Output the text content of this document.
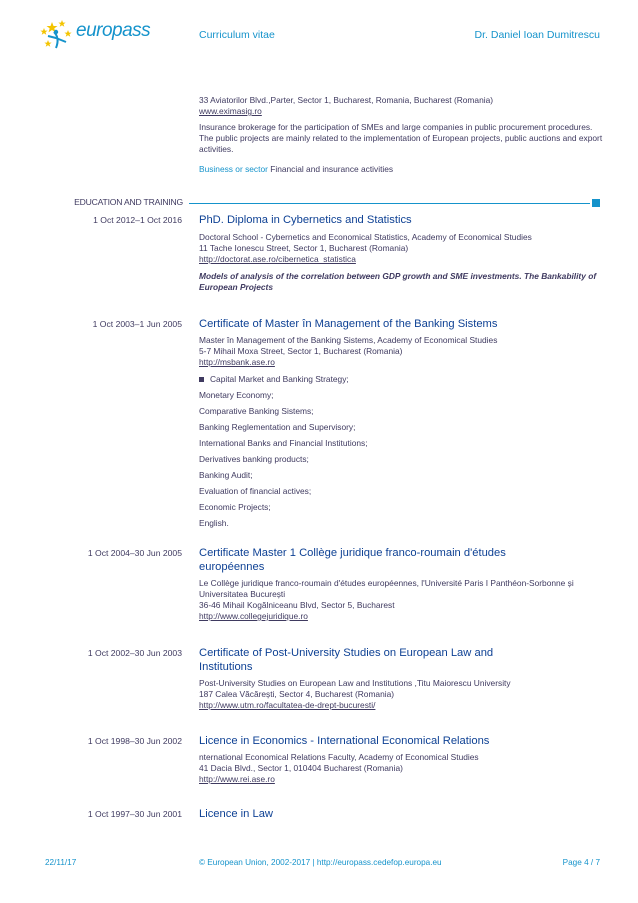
europass	Curriculum vitae	Dr. Daniel Ioan Dumitrescu
33 Aviatorilor Blvd.,Parter, Sector 1, Bucharest, Romania, Bucharest (Romania)
www.eximasig.ro
Insurance brokerage for the participation of SMEs and large companies in public procurement procedures. The public projects are mainly related to the implementation of European projects, public auctions and export activities.
Business or sector Financial and insurance activities
EDUCATION AND TRAINING
1 Oct 2012–1 Oct 2016 PhD. Diploma in Cybernetics and Statistics
Doctoral School - Cybernetics and Economical Statistics, Academy of Economical Studies
11 Tache Ionescu Street, Sector 1, Bucharest (Romania)
http://doctorat.ase.ro/cibernetica_statistica
Models of analysis of the correlation between GDP growth and SME investments. The Bankability of European Projects
1 Oct 2003–1 Jun 2005 Certificate of Master în Management of the Banking Sistems
Master în Management of the Banking Sistems, Academy of Economical Studies
5-7 Mihail Moxa Street, Sector 1, Bucharest (Romania)
http://msbank.ase.ro
Capital Market and Banking Strategy;
Monetary Economy;
Comparative Banking Sistems;
Banking Reglementation and Supervisory;
International Banks and Financial Institutions;
Derivatives banking products;
Banking Audit;
Evaluation of financial actives;
Economic Projects;
English.
1 Oct 2004–30 Jun 2005 Certificate Master 1 Collège juridique franco-roumain d'études
européennes
Le Collège juridique franco-roumain d'études européennes, l'Université Paris I Panthéon-Sorbonne și
Universitatea București
36-46 Mihail Kogălniceanu Blvd, Sector 5, Bucharest
http://www.collegejuridique.ro
1 Oct 2002–30 Jun 2003 Certificate of Post-University Studies on European Law and
Institutions
Post-University Studies on European Law and Institutions ,Titu Maiorescu University
187 Calea Văcărești, Sector 4, Bucharest (Romania)
http://www.utm.ro/facultatea-de-drept-bucuresti/
1 Oct 1998–30 Jun 2002 Licence in Economics - International Economical Relations
nternational Economical Relations Faculty, Academy of Economical Studies
41 Dacia Blvd., Sector 1, 010404 Bucharest (Romania)
http://www.rei.ase.ro
1 Oct 1997–30 Jun 2001 Licence in Law
22/11/17	© European Union, 2002-2017 | http://europass.cedefop.europa.eu	Page 4 / 7
